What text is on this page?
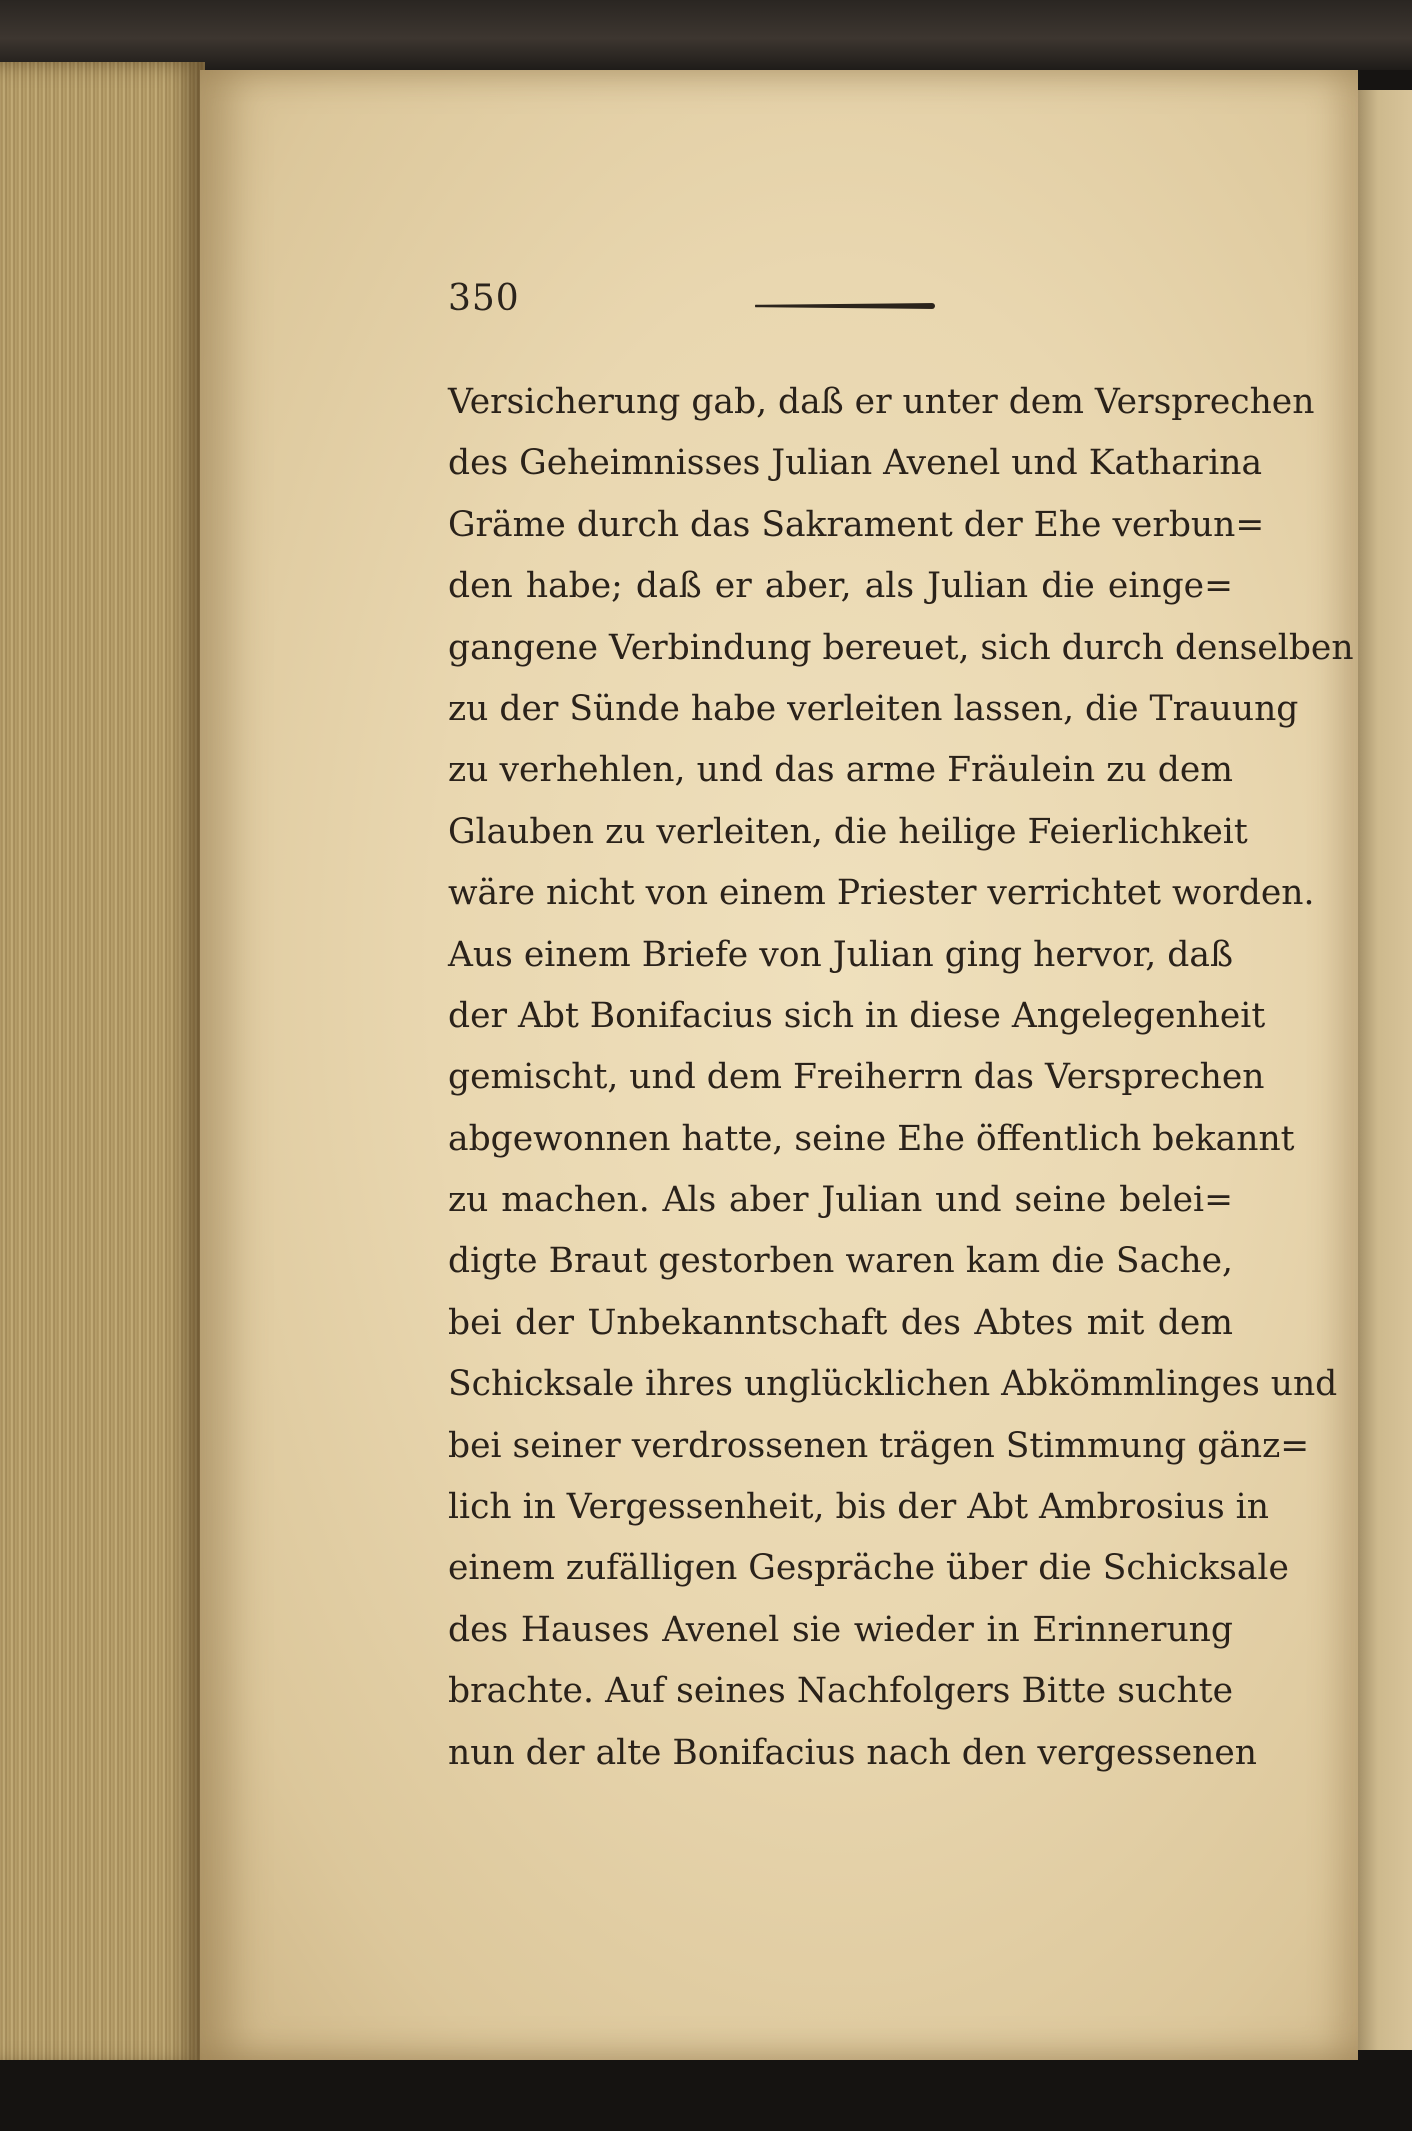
350
Versicherung gab, daß er unter dem Versprechen
des Geheimnisses Julian Avenel und Katharina
Gräme durch das Sakrament der Ehe verbun=
den habe; daß er aber, als Julian die einge=
gangene Verbindung bereuet, sich durch denselben
zu der Sünde habe verleiten lassen, die Trauung
zu verhehlen, und das arme Fräulein zu dem
Glauben zu verleiten, die heilige Feierlichkeit
wäre nicht von einem Priester verrichtet worden.
Aus einem Briefe von Julian ging hervor, daß
der Abt Bonifacius sich in diese Angelegenheit
gemischt, und dem Freiherrn das Versprechen
abgewonnen hatte, seine Ehe öffentlich bekannt
zu machen. Als aber Julian und seine belei=
digte Braut gestorben waren kam die Sache,
bei der Unbekanntschaft des Abtes mit dem
Schicksale ihres unglücklichen Abkömmlinges und
bei seiner verdrossenen trägen Stimmung gänz=
lich in Vergessenheit, bis der Abt Ambrosius in
einem zufälligen Gespräche über die Schicksale
des Hauses Avenel sie wieder in Erinnerung
brachte. Auf seines Nachfolgers Bitte suchte
nun der alte Bonifacius nach den vergessenen
